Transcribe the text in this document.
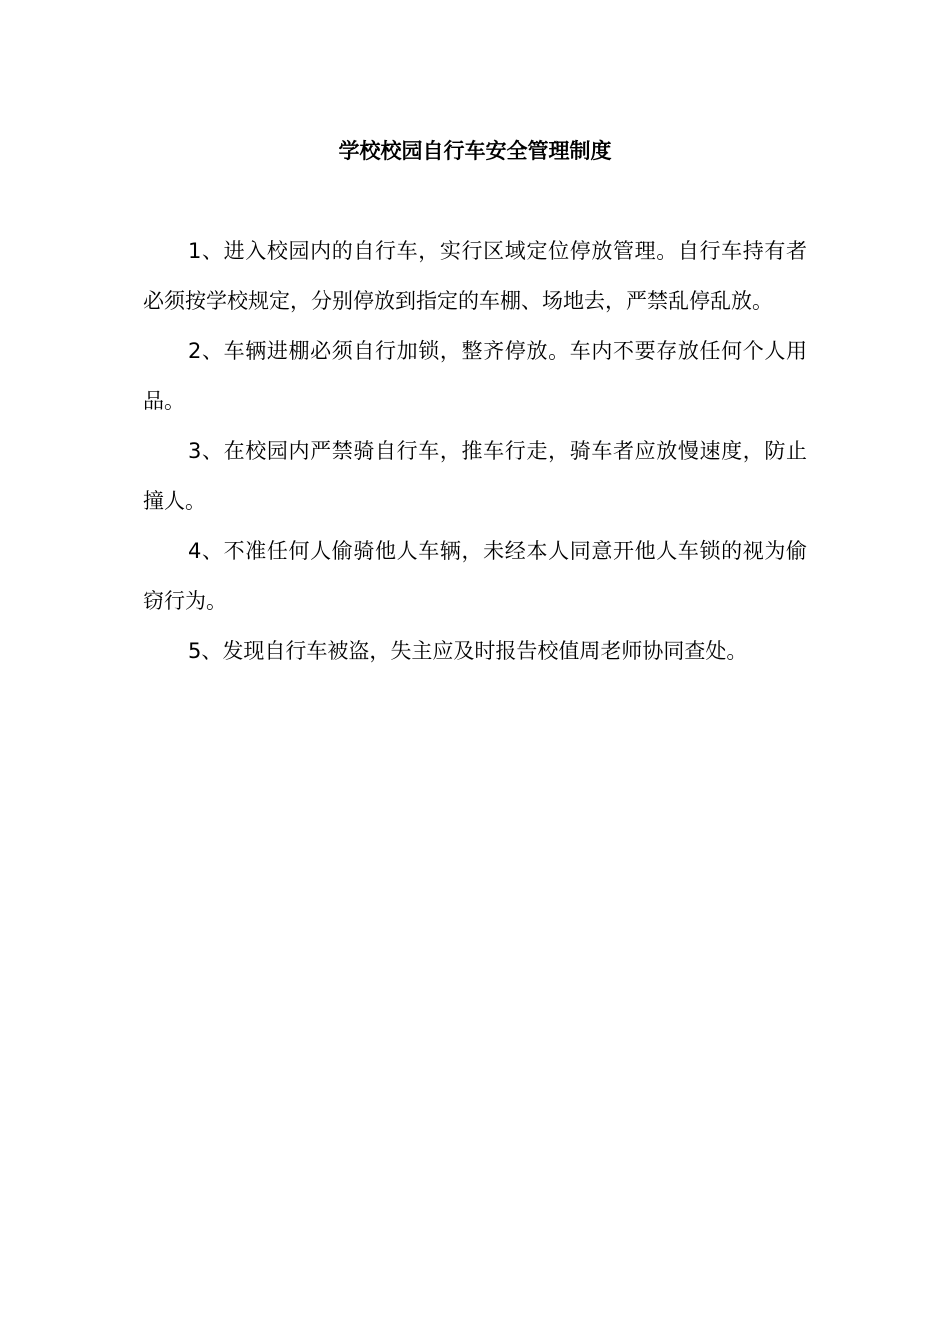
学校校园自行车安全管理制度

1、进入校园内的自行车，实行区域定位停放管理。自行车持有者必须按学校规定，分别停放到指定的车棚、场地去，严禁乱停乱放。

2、车辆进棚必须自行加锁，整齐停放。车内不要存放任何个人用品。

3、在校园内严禁骑自行车，推车行走，骑车者应放慢速度，防止撞人。

4、不准任何人偷骑他人车辆，未经本人同意开他人车锁的视为偷窃行为。

5、发现自行车被盗，失主应及时报告校值周老师协同查处。
